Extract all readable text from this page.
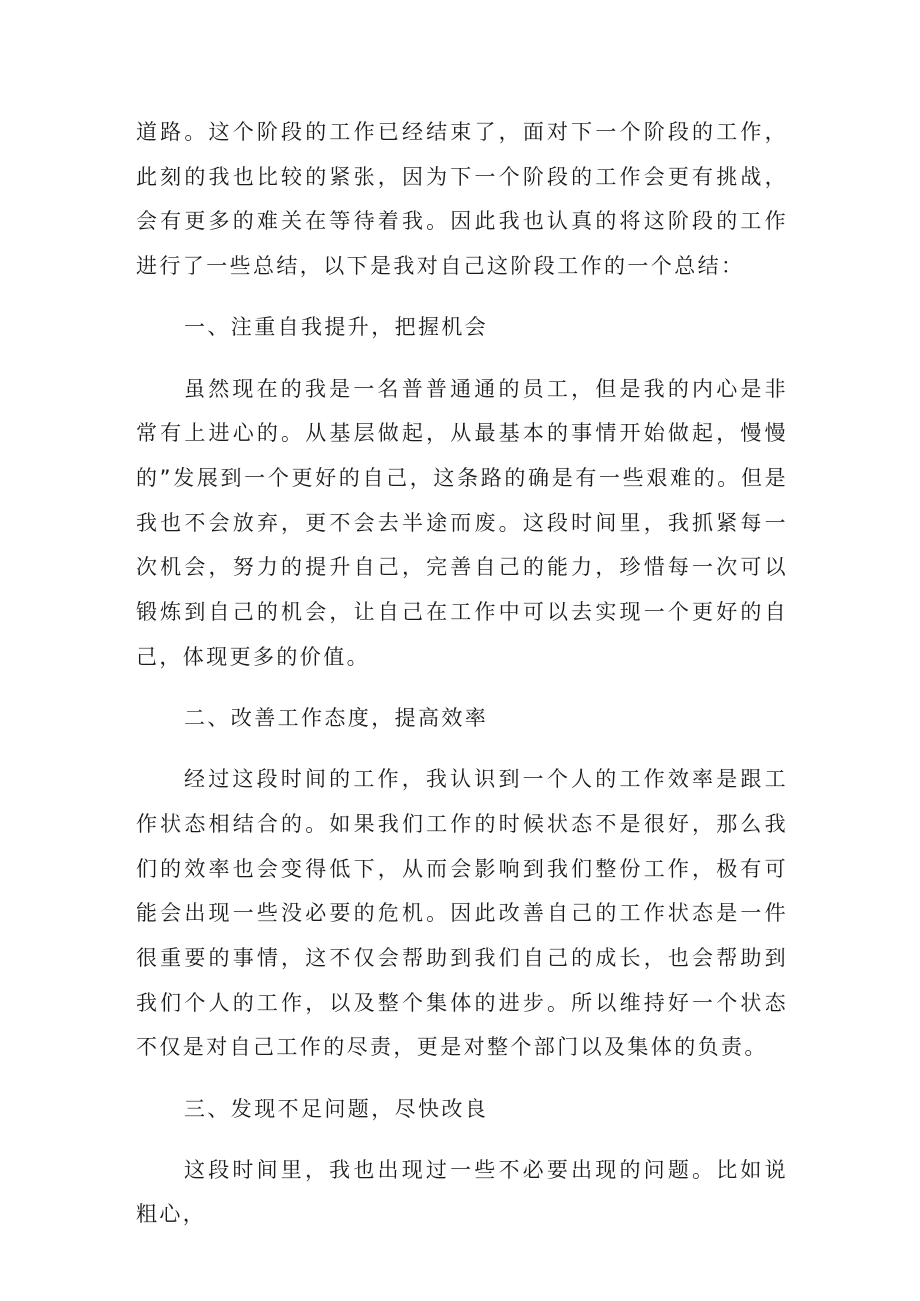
道路。这个阶段的工作已经结束了，面对下一个阶段的工作，此刻的我也比较的紧张，因为下一个阶段的工作会更有挑战，会有更多的难关在等待着我。因此我也认真的将这阶段的工作进行了一些总结，以下是我对自己这阶段工作的一个总结：

一、注重自我提升，把握机会

虽然现在的我是一名普普通通的员工，但是我的内心是非常有上进心的。从基层做起，从最基本的事情开始做起，慢慢的”发展到一个更好的自己，这条路的确是有一些艰难的。但是我也不会放弃，更不会去半途而废。这段时间里，我抓紧每一次机会，努力的提升自己，完善自己的能力，珍惜每一次可以锻炼到自己的机会，让自己在工作中可以去实现一个更好的自己，体现更多的价值。

二、改善工作态度，提高效率

经过这段时间的工作，我认识到一个人的工作效率是跟工作状态相结合的。如果我们工作的时候状态不是很好，那么我们的效率也会变得低下，从而会影响到我们整份工作，极有可能会出现一些没必要的危机。因此改善自己的工作状态是一件很重要的事情，这不仅会帮助到我们自己的成长，也会帮助到我们个人的工作，以及整个集体的进步。所以维持好一个状态不仅是对自己工作的尽责，更是对整个部门以及集体的负责。

三、发现不足问题，尽快改良

这段时间里，我也出现过一些不必要出现的问题。比如说粗心，
